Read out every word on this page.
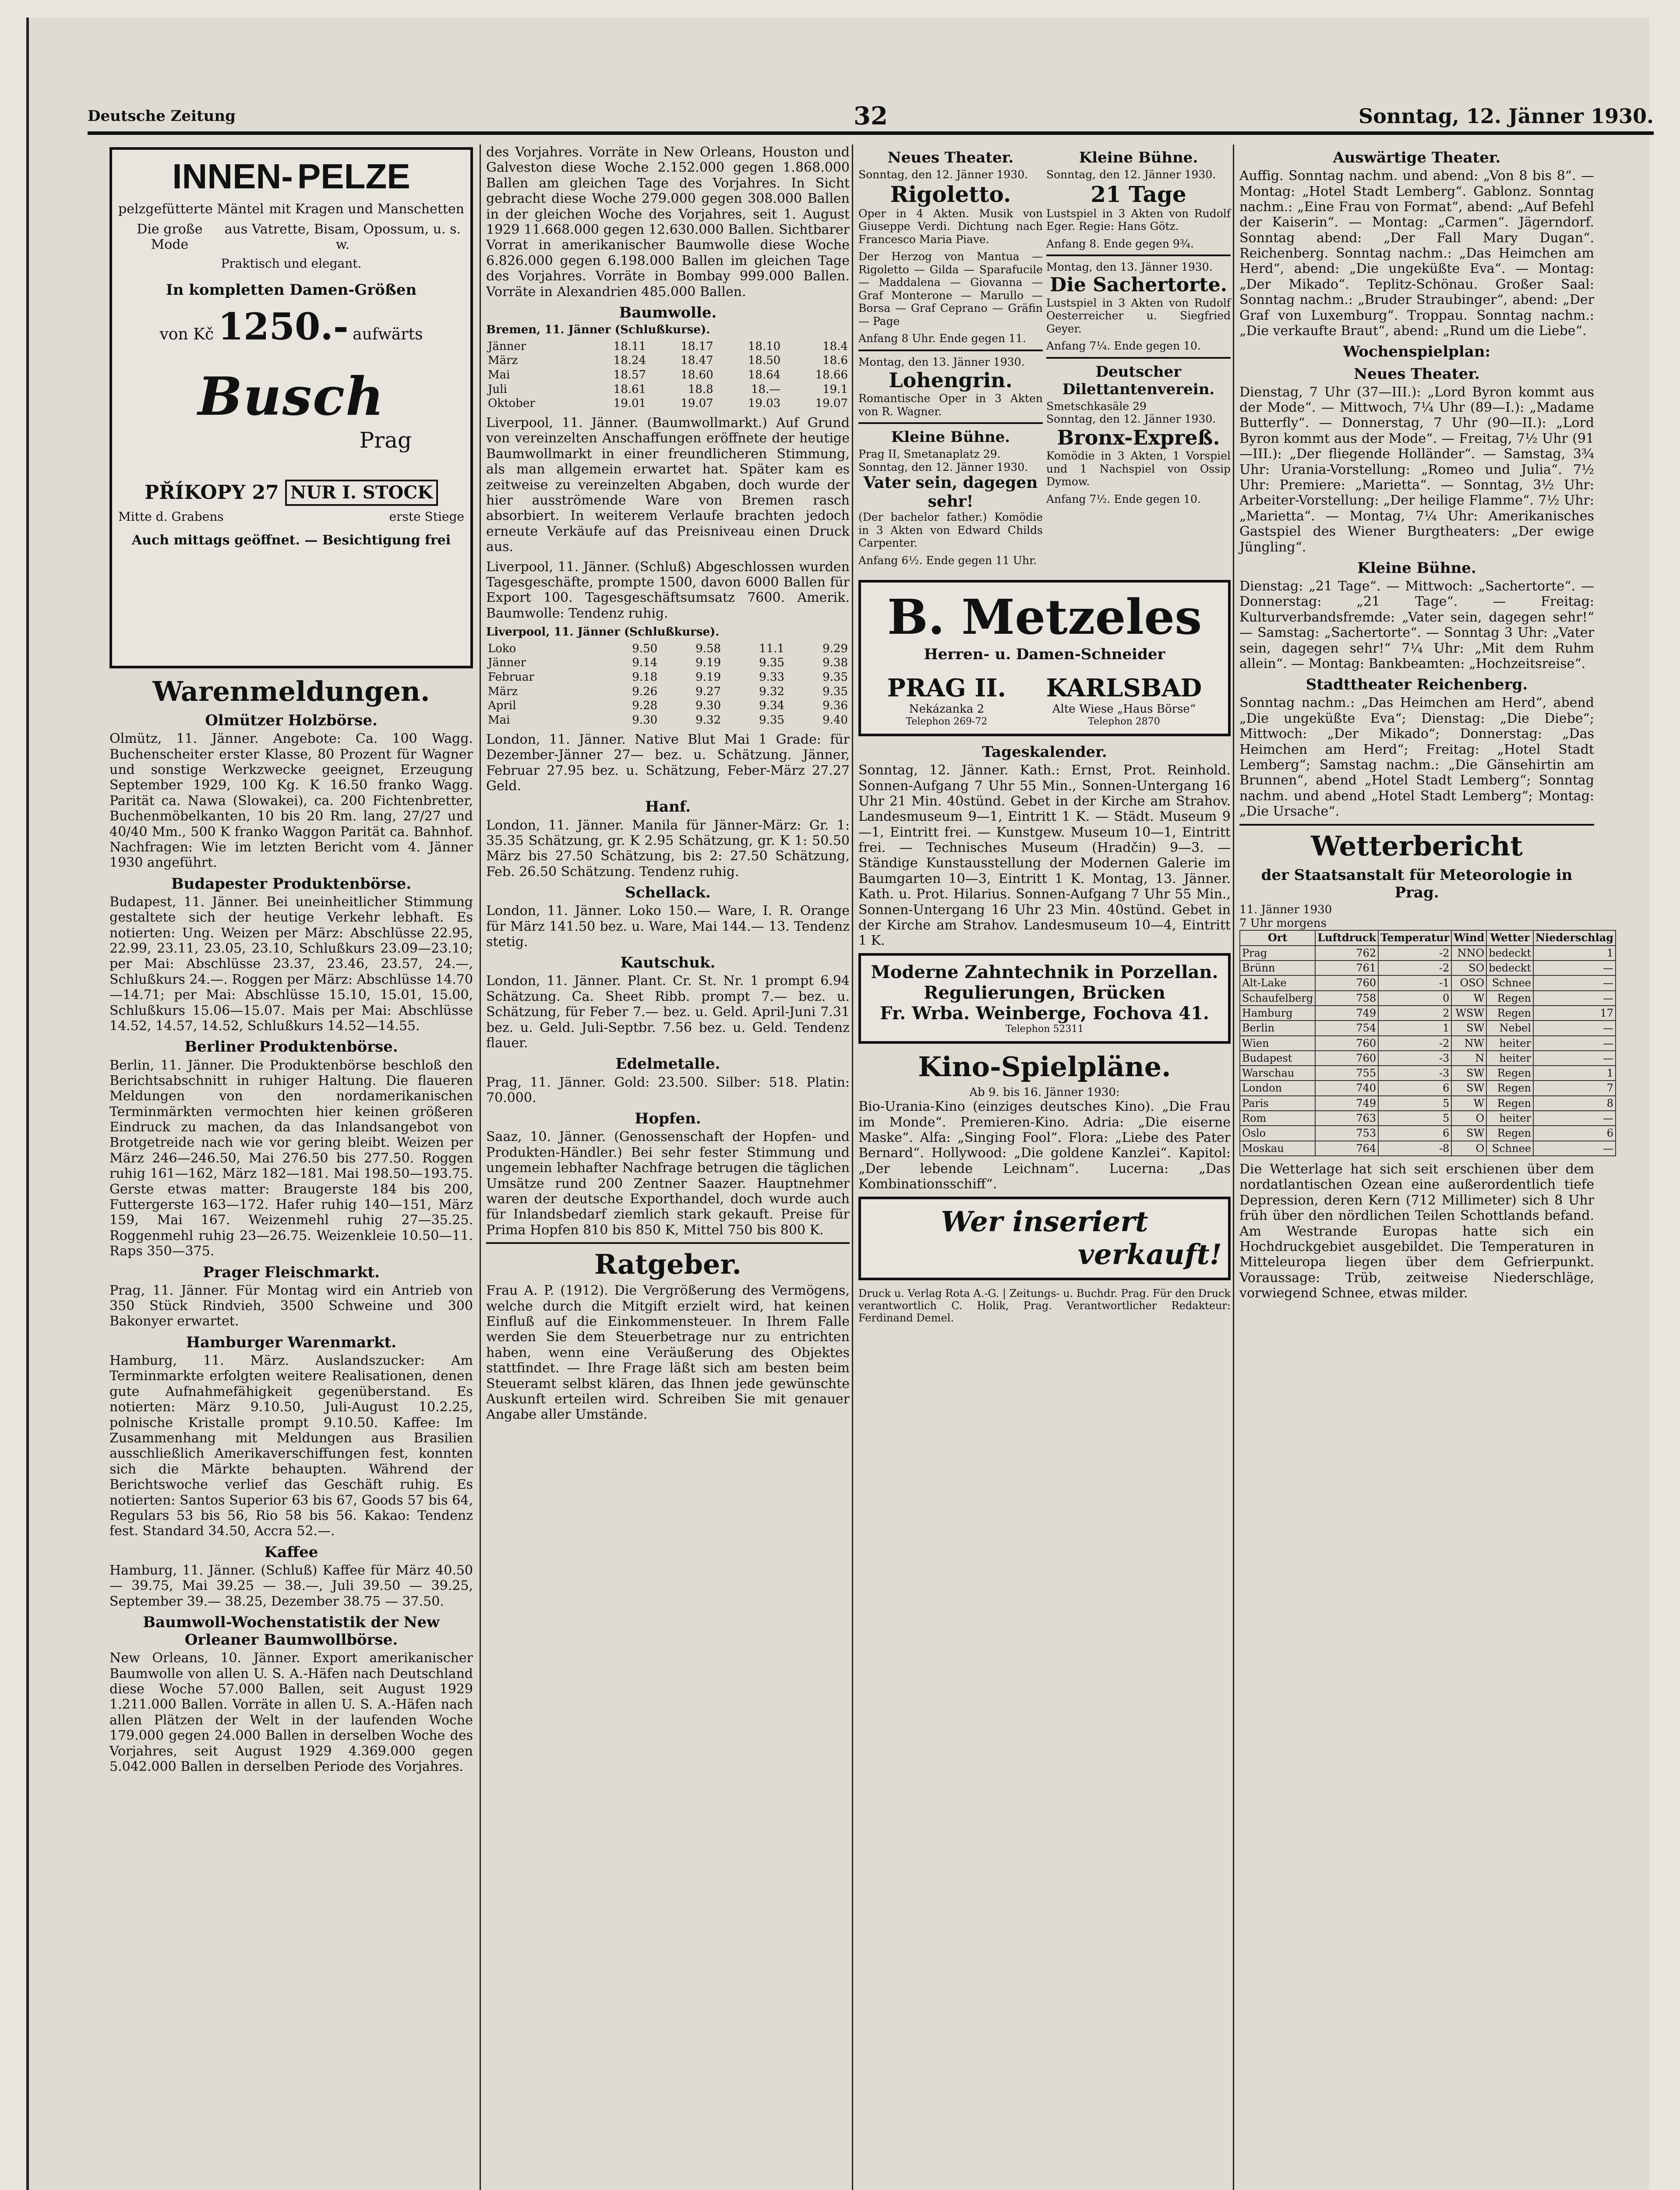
Deutsche Zeitung	32	Sonntag, 12. Jänner 1930.
INNEN- PELZE
pelzgefütterte Mäntel mit Kragen und Manschetten
Die große Mode
aus Vatrette, Bisam, Opossum, u. s. w.
Praktisch und elegant.
In kompletten Damen-Größen
von Kč 1250.- aufwärts
Busch
Prag
PŘÍKOPY 27 NUR I. STOCK
Mitte d. Grabens	erste Stiege
Auch mittags geöffnet. — Besichtigung frei
Warenmeldungen.
Olmützer Holzbörse.

Olmütz, 11. Jänner. Angebote: Ca. 100 Wagg. Buchenscheiter erster Klasse, 80 Prozent für Wagner und sonstige Werkzwecke geeignet, Erzeugung September 1929, 100 Kg. K 16.50 franko Wagg. Parität ca. Nawa (Slowakei), ca. 200 Fichtenbretter, Buchenmöbelkanten, 10 bis 20 Rm. lang, 27/27 und 40/40 Mm., 500 K franko Waggon Parität ca. Bahnhof. Nachfragen: Wie im letzten Bericht vom 4. Jänner 1930 angeführt.

Budapester Produktenbörse.

Budapest, 11. Jänner. Bei uneinheitlicher Stimmung gestaltete sich der heutige Verkehr lebhaft. Es notierten: Ung. Weizen per März: Abschlüsse 22.95, 22.99, 23.11, 23.05, 23.10, Schlußkurs 23.09—23.10; per Mai: Abschlüsse 23.37, 23.46, 23.57, 24.—, Schlußkurs 24.—. Roggen per März: Abschlüsse 14.70—14.71; per Mai: Abschlüsse 15.10, 15.01, 15.00, Schlußkurs 15.06—15.07. Mais per Mai: Abschlüsse 14.52, 14.57, 14.52, Schlußkurs 14.52—14.55.

Berliner Produktenbörse.

Berlin, 11. Jänner. Die Produktenbörse beschloß den Berichtsabschnitt in ruhiger Haltung. Die flaueren Meldungen von den nordamerikanischen Terminmärkten vermochten hier keinen größeren Eindruck zu machen, da das Inlandsangebot von Brotgetreide nach wie vor gering bleibt. Weizen per März 246—246.50, Mai 276.50 bis 277.50. Roggen ruhig 161—162, März 182—181. Mai 198.50—193.75. Gerste etwas matter: Braugerste 184 bis 200, Futtergerste 163—172. Hafer ruhig 140—151, März 159, Mai 167. Weizenmehl ruhig 27—35.25. Roggenmehl ruhig 23—26.75. Weizenkleie 10.50—11. Raps 350—375.

Prager Fleischmarkt.

Prag, 11. Jänner. Für Montag wird ein Antrieb von 350 Stück Rindvieh, 3500 Schweine und 300 Bakonyer erwartet.

Hamburger Warenmarkt.

Hamburg, 11. März. Auslandszucker: Am Terminmarkte erfolgten weitere Realisationen, denen gute Aufnahmefähigkeit gegenüberstand. Es notierten: März 9.10.50, Juli-August 10.2.25, polnische Kristalle prompt 9.10.50. Kaffee: Im Zusammenhang mit Meldungen aus Brasilien ausschließlich Amerikaverschiffungen fest, konnten sich die Märkte behaupten. Während der Berichtswoche verlief das Geschäft ruhig. Es notierten: Santos Superior 63 bis 67, Goods 57 bis 64, Regulars 53 bis 56, Rio 58 bis 56. Kakao: Tendenz fest. Standard 34.50, Accra 52.—.

Kaffee

Hamburg, 11. Jänner. (Schluß) Kaffee für März 40.50 — 39.75, Mai 39.25 — 38.—, Juli 39.50 — 39.25, September 39.— 38.25, Dezember 38.75 — 37.50.

Baumwoll-Wochenstatistik der New Orleaner Baumwollbörse.

New Orleans, 10. Jänner. Export amerikanischer Baumwolle von allen U. S. A.-Häfen nach Deutschland diese Woche 57.000 Ballen, seit August 1929 1.211.000 Ballen. Vorräte in allen U. S. A.-Häfen nach allen Plätzen der Welt in der laufenden Woche 179.000 gegen 24.000 Ballen in derselben Woche des Vorjahres, seit August 1929 4.369.000 gegen 5.042.000 Ballen in derselben Periode des Vorjahres.

des Vorjahres. Vorräte in New Orleans, Houston und Galveston diese Woche 2.152.000 gegen 1.868.000 Ballen am gleichen Tage des Vorjahres. In Sicht gebracht diese Woche 279.000 gegen 308.000 Ballen in der gleichen Woche des Vorjahres, seit 1. August 1929 11.668.000 gegen 12.630.000 Ballen. Sichtbarer Vorrat in amerikanischer Baumwolle diese Woche 6.826.000 gegen 6.198.000 Ballen im gleichen Tage des Vorjahres. Vorräte in Bombay 999.000 Ballen. Vorräte in Alexandrien 485.000 Ballen.

Baumwolle.
Bremen, 11. Jänner (Schlußkurse).
Jänner	18.11	18.17	18.10	18.4
März	18.24	18.47	18.50	18.6
Mai	18.57	18.60	18.64	18.66
Juli	18.61	18.8	18.—	19.1
Oktober	19.01	19.07	19.03	19.07

Liverpool, 11. Jänner. (Baumwollmarkt.) Auf Grund von vereinzelten Anschaffungen eröffnete der heutige Baumwollmarkt in einer freundlicheren Stimmung, als man allgemein erwartet hat. Später kam es zeitweise zu vereinzelten Abgaben, doch wurde der hier ausströmende Ware von Bremen rasch absorbiert. In weiterem Verlaufe brachten jedoch erneute Verkäufe auf das Preisniveau einen Druck aus.

Liverpool, 11. Jänner. (Schluß) Abgeschlossen wurden Tagesgeschäfte, prompte 1500, davon 6000 Ballen für Export 100. Tagesgeschäftsumsatz 7600. Amerik. Baumwolle: Tendenz ruhig.

Liverpool, 11. Jänner (Schlußkurse).
Loko	9.50	9.58	11.1	9.29
Jänner	9.14	9.19	9.35	9.38
Februar	9.18	9.19	9.33	9.35
März	9.26	9.27	9.32	9.35
April	9.28	9.30	9.34	9.36
Mai	9.30	9.32	9.35	9.40

London, 11. Jänner. Native Blut Mai 1 Grade: für Dezember-Jänner 27— bez. u. Schätzung. Jänner, Februar 27.95 bez. u. Schätzung, Feber-März 27.27 Geld.

Hanf.

London, 11. Jänner. Manila für Jänner-März: Gr. 1: 35.35 Schätzung, gr. K 2.95 Schätzung, gr. K 1: 50.50 März bis 27.50 Schätzung, bis 2: 27.50 Schätzung, Feb. 26.50 Schätzung. Tendenz ruhig.

Schellack.

London, 11. Jänner. Loko 150.— Ware, I. R. Orange für März 141.50 bez. u. Ware, Mai 144.— 13. Tendenz stetig.

Kautschuk.

London, 11. Jänner. Plant. Cr. St. Nr. 1 prompt 6.94 Schätzung. Ca. Sheet Ribb. prompt 7.— bez. u. Schätzung, für Feber 7.— bez. u. Geld. April-Juni 7.31 bez. u. Geld. Juli-Septbr. 7.56 bez. u. Geld. Tendenz flauer.

Edelmetalle.

Prag, 11. Jänner. Gold: 23.500. Silber: 518. Platin: 70.000.

Hopfen.

Saaz, 10. Jänner. (Genossenschaft der Hopfen- und Produkten-Händler.) Bei sehr fester Stimmung und ungemein lebhafter Nachfrage betrugen die täglichen Umsätze rund 200 Zentner Saazer. Hauptnehmer waren der deutsche Exporthandel, doch wurde auch für Inlandsbedarf ziemlich stark gekauft. Preise für Prima Hopfen 810 bis 850 K, Mittel 750 bis 800 K.

Ratgeber.

Frau A. P. (1912). Die Vergrößerung des Vermögens, welche durch die Mitgift erzielt wird, hat keinen Einfluß auf die Einkommensteuer. In Ihrem Falle werden Sie dem Steuerbetrage nur zu entrichten haben, wenn eine Veräußerung des Objektes stattfindet. — Ihre Frage läßt sich am besten beim Steueramt selbst klären, das Ihnen jede gewünschte Auskunft erteilen wird. Schreiben Sie mit genauer Angabe aller Umstände.

Neues Theater.
Sonntag, den 12. Jänner 1930.
Rigoletto.

Oper in 4 Akten. Musik von Giuseppe Verdi. Dichtung nach Francesco Maria Piave.

Der Herzog von Mantua — Rigoletto — Gilda — Sparafucile — Maddalena — Giovanna — Graf Monterone — Marullo — Borsa — Graf Ceprano — Gräfin — Page

Anfang 8 Uhr. Ende gegen 11.
Montag, den 13. Jänner 1930.
Lohengrin.

Romantische Oper in 3 Akten von R. Wagner.

Kleine Bühne.
Prag II, Smetanaplatz 29.
Sonntag, den 12. Jänner 1930.
Vater sein, dagegen sehr!

(Der bachelor father.) Komödie in 3 Akten von Edward Childs Carpenter.

Anfang 6½. Ende gegen 11 Uhr.
Kleine Bühne.
Sonntag, den 12. Jänner 1930.
21 Tage

Lustspiel in 3 Akten von Rudolf Eger. Regie: Hans Götz.

Anfang 8. Ende gegen 9¾.
Montag, den 13. Jänner 1930.
Die Sachertorte.

Lustspiel in 3 Akten von Rudolf Oesterreicher u. Siegfried Geyer.

Anfang 7¼. Ende gegen 10.
Deutscher Dilettantenverein.
Smetschkasäle 29
Sonntag, den 12. Jänner 1930.
Bronx-Expreß.

Komödie in 3 Akten, 1 Vorspiel und 1 Nachspiel von Ossip Dymow.

Anfang 7½. Ende gegen 10.
B. Metzeles
Herren- u. Damen-Schneider
PRAG II.
Nekázanka 2
Telephon 269-72
KARLSBAD
Alte Wiese „Haus Börse“
Telephon 2870
Tageskalender.

Sonntag, 12. Jänner. Kath.: Ernst, Prot. Reinhold. Sonnen-Aufgang 7 Uhr 55 Min., Sonnen-Untergang 16 Uhr 21 Min. 40stünd. Gebet in der Kirche am Strahov. Landesmuseum 9—1, Eintritt 1 K. — Städt. Museum 9—1, Eintritt frei. — Kunstgew. Museum 10—1, Eintritt frei. — Technisches Museum (Hradčin) 9—3. — Ständige Kunstausstellung der Modernen Galerie im Baumgarten 10—3, Eintritt 1 K. Montag, 13. Jänner. Kath. u. Prot. Hilarius. Sonnen-Aufgang 7 Uhr 55 Min., Sonnen-Untergang 16 Uhr 23 Min. 40stünd. Gebet in der Kirche am Strahov. Landesmuseum 10—4, Eintritt 1 K.

Moderne Zahntechnik in Porzellan. Regulierungen, Brücken
Fr. Wrba. Weinberge, Fochova 41.
Telephon 52311
Kino-Spielpläne.
Ab 9. bis 16. Jänner 1930:

Bio-Urania-Kino (einziges deutsches Kino). „Die Frau im Monde“. Premieren-Kino. Adria: „Die eiserne Maske“. Alfa: „Singing Fool“. Flora: „Liebe des Pater Bernard“. Hollywood: „Die goldene Kanzlei“. Kapitol: „Der lebende Leichnam“. Lucerna: „Das Kombinationsschiff“.

Wer inseriert
verkauft!

Druck u. Verlag Rota A.-G. | Zeitungs- u. Buchdr. Prag. Für den Druck verantwortlich C. Holik, Prag. Verantwortlicher Redakteur: Ferdinand Demel.

Auswärtige Theater.

Auffig. Sonntag nachm. und abend: „Von 8 bis 8“. — Montag: „Hotel Stadt Lemberg“. Gablonz. Sonntag nachm.: „Eine Frau von Format“, abend: „Auf Befehl der Kaiserin“. — Montag: „Carmen“. Jägerndorf. Sonntag abend: „Der Fall Mary Dugan“. Reichenberg. Sonntag nachm.: „Das Heimchen am Herd“, abend: „Die ungeküßte Eva“. — Montag: „Der Mikado“. Teplitz-Schönau. Großer Saal: Sonntag nachm.: „Bruder Straubinger“, abend: „Der Graf von Luxemburg“. Troppau. Sonntag nachm.: „Die verkaufte Braut“, abend: „Rund um die Liebe“.

Wochenspielplan:
Neues Theater.

Dienstag, 7 Uhr (37—III.): „Lord Byron kommt aus der Mode“. — Mittwoch, 7¼ Uhr (89—I.): „Madame Butterfly“. — Donnerstag, 7 Uhr (90—II.): „Lord Byron kommt aus der Mode“. — Freitag, 7½ Uhr (91—III.): „Der fliegende Holländer“. — Samstag, 3¾ Uhr: Urania-Vorstellung: „Romeo und Julia“. 7½ Uhr: Premiere: „Marietta“. — Sonntag, 3½ Uhr: Arbeiter-Vorstellung: „Der heilige Flamme“. 7½ Uhr: „Marietta“. — Montag, 7¼ Uhr: Amerikanisches Gastspiel des Wiener Burgtheaters: „Der ewige Jüngling“.

Kleine Bühne.

Dienstag: „21 Tage“. — Mittwoch: „Sachertorte“. — Donnerstag: „21 Tage“. — Freitag: Kulturverbandsfremde: „Vater sein, dagegen sehr!“ — Samstag: „Sachertorte“. — Sonntag 3 Uhr: „Vater sein, dagegen sehr!“ 7¼ Uhr: „Mit dem Ruhm allein“. — Montag: Bankbeamten: „Hochzeitsreise“.

Stadttheater Reichenberg.

Sonntag nachm.: „Das Heimchen am Herd“, abend „Die ungeküßte Eva“; Dienstag: „Die Diebe“; Mittwoch: „Der Mikado“; Donnerstag: „Das Heimchen am Herd“; Freitag: „Hotel Stadt Lemberg“; Samstag nachm.: „Die Gänsehirtin am Brunnen“, abend „Hotel Stadt Lemberg“; Sonntag nachm. und abend „Hotel Stadt Lemberg“; Montag: „Die Ursache“.

Wetterbericht
der Staatsanstalt für Meteorologie in Prag.
11. Jänner 1930
7 Uhr morgens
Ort	Luftdruck	Temperatur	Wind	Wetter	Niederschlag
Prag	762	-2	NNO	bedeckt	1
Brünn	761	-2	SO	bedeckt	—
Alt-Lake	760	-1	OSO	Schnee	—
Schaufelberg	758	0	W	Regen	—
Hamburg	749	2	WSW	Regen	17
Berlin	754	1	SW	Nebel	—
Wien	760	-2	NW	heiter	—
Budapest	760	-3	N	heiter	—
Warschau	755	-3	SW	Regen	1
London	740	6	SW	Regen	7
Paris	749	5	W	Regen	8
Rom	763	5	O	heiter	—
Oslo	753	6	SW	Regen	6
Moskau	764	-8	O	Schnee	—

Die Wetterlage hat sich seit erschienen über dem nordatlantischen Ozean eine außerordentlich tiefe Depression, deren Kern (712 Millimeter) sich 8 Uhr früh über den nördlichen Teilen Schottlands befand. Am Westrande Europas hatte sich ein Hochdruckgebiet ausgebildet. Die Temperaturen in Mitteleuropa liegen über dem Gefrierpunkt. Voraussage: Trüb, zeitweise Niederschläge, vorwiegend Schnee, etwas milder.
